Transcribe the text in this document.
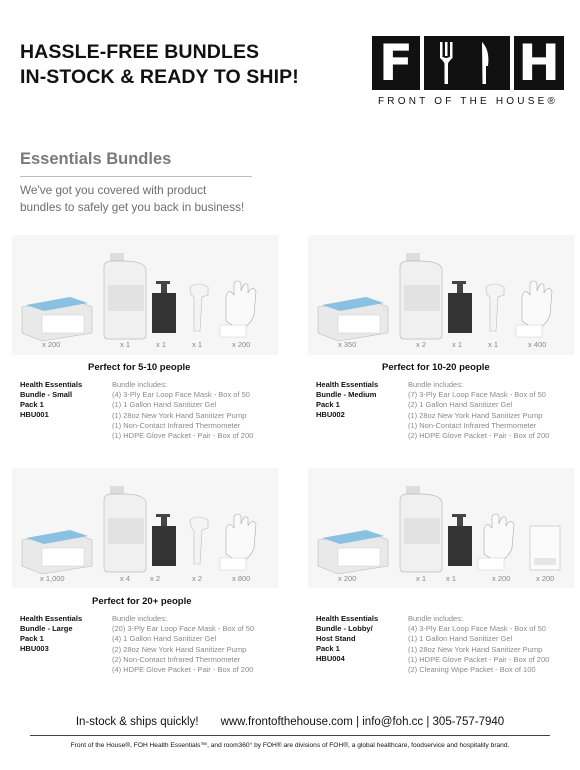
HASSLE-FREE BUNDLES
IN-STOCK & READY TO SHIP! F H
FRONT OF THE HOUSE®
Essentials Bundles
We've got you covered with product
bundles to safely get you back in business!
x 200	x 1	x 1	x 1	x 200
Perfect for 5-10 people
Health Essentials
Bundle - Small
Pack 1
HBU001
Bundle includes:
(4) 3-Ply Ear Loop Face Mask - Box of 50
(1) 1 Gallon Hand Sanitizer Gel
(1) 28oz New York Hand Sanitizer Pump
(1) Non-Contact Infrared Thermometer
(1) HDPE Glove Packet - Pair - Box of 200
x 350	x 2	x 1	x 1	x 400
Perfect for 10-20 people
Health Essentials
Bundle - Medium
Pack 1
HBU002
Bundle includes:
(7) 3-Ply Ear Loop Face Mask - Box of 50
(2) 1 Gallon Hand Sanitizer Gel
(1) 28oz New York Hand Sanitizer Pump
(1) Non-Contact Infrared Thermometer
(2) HDPE Glove Packet - Pair - Box of 200
x 1,000	x 4	x 2	x 2	x 800
Perfect for 20+ people
Health Essentials
Bundle - Large
Pack 1
HBU003
Bundle includes:
(20) 3-Ply Ear Loop Face Mask - Box of 50
(4) 1 Gallon Hand Sanitizer Gel
(2) 28oz New York Hand Sanitizer Pump
(2) Non-Contact Infrared Thermometer
(4) HDPE Glove Packet - Pair - Box of 200
x 200	x 1	x 1	x 200	x 200
Health Essentials
Bundle - Lobby/
Host Stand
Pack 1
HBU004
Bundle includes:
(4) 3-Ply Ear Loop Face Mask - Box of 50
(1) 1 Gallon Hand Sanitizer Gel
(1) 28oz New York Hand Sanitizer Pump
(1) HDPE Glove Packet - Pair - Box of 200
(2) Cleaning Wipe Packet - Box of 100
In-stock & ships quickly! www.frontofthehouse.com | info@foh.cc | 305-757-7940
Front of the House®, FOH Health Essentials™, and room360° by FOH® are divisions of FOH®, a global healthcare, foodservice and hospitality brand.
